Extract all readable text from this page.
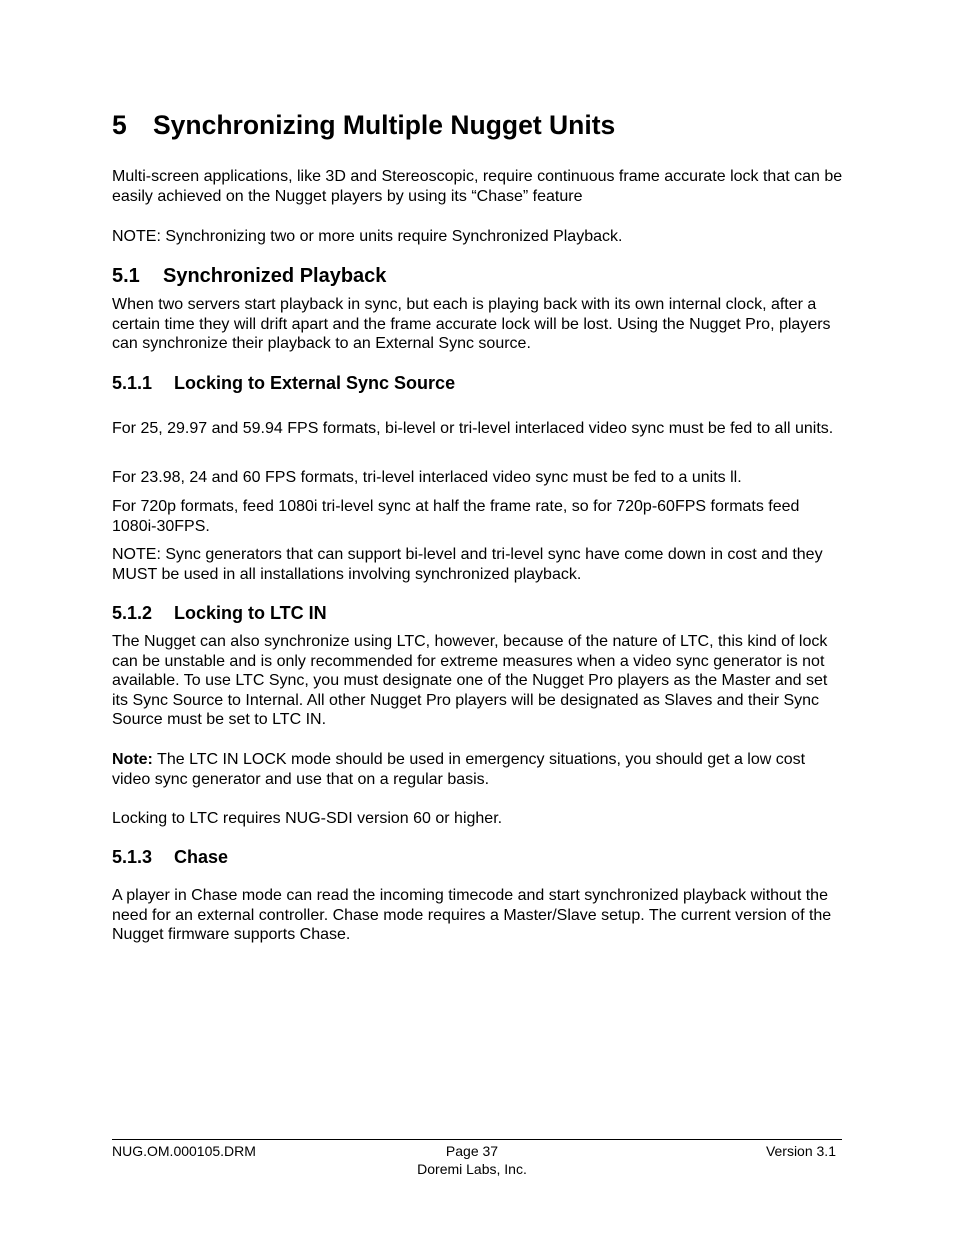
5 Synchronizing Multiple Nugget Units
Multi-screen applications, like 3D and Stereoscopic, require continuous frame accurate lock that can be easily achieved on the Nugget players by using its “Chase” feature
NOTE: Synchronizing two or more units require Synchronized Playback.
5.1 Synchronized Playback
When two servers start playback in sync, but each is playing back with its own internal clock, after a certain time they will drift apart and the frame accurate lock will be lost. Using the Nugget Pro, players can synchronize their playback to an External Sync source.
5.1.1 Locking to External Sync Source
For 25, 29.97 and 59.94 FPS formats, bi-level or tri-level interlaced video sync must be fed to all units.
For 23.98, 24 and 60 FPS formats, tri-level interlaced video sync must be fed to a units ll.
For 720p formats, feed 1080i tri-level sync at half the frame rate, so for 720p-60FPS formats feed 1080i-30FPS.
NOTE: Sync generators that can support bi-level and tri-level sync have come down in cost and they MUST be used in all installations involving synchronized playback.
5.1.2 Locking to LTC IN
The Nugget can also synchronize using LTC, however, because of the nature of LTC, this kind of lock can be unstable and is only recommended for extreme measures when a video sync generator is not available. To use LTC Sync, you must designate one of the Nugget Pro players as the Master and set its Sync Source to Internal. All other Nugget Pro players will be designated as Slaves and their Sync Source must be set to LTC IN.
Note: The LTC IN LOCK mode should be used in emergency situations, you should get a low cost video sync generator and use that on a regular basis.
Locking to LTC requires NUG-SDI version 60 or higher.
5.1.3 Chase
A player in Chase mode can read the incoming timecode and start synchronized playback without the need for an external controller. Chase mode requires a Master/Slave setup. The current version of the Nugget firmware supports Chase.
NUG.OM.000105.DRM	Page 37
Doremi Labs, Inc.
Version 3.1
